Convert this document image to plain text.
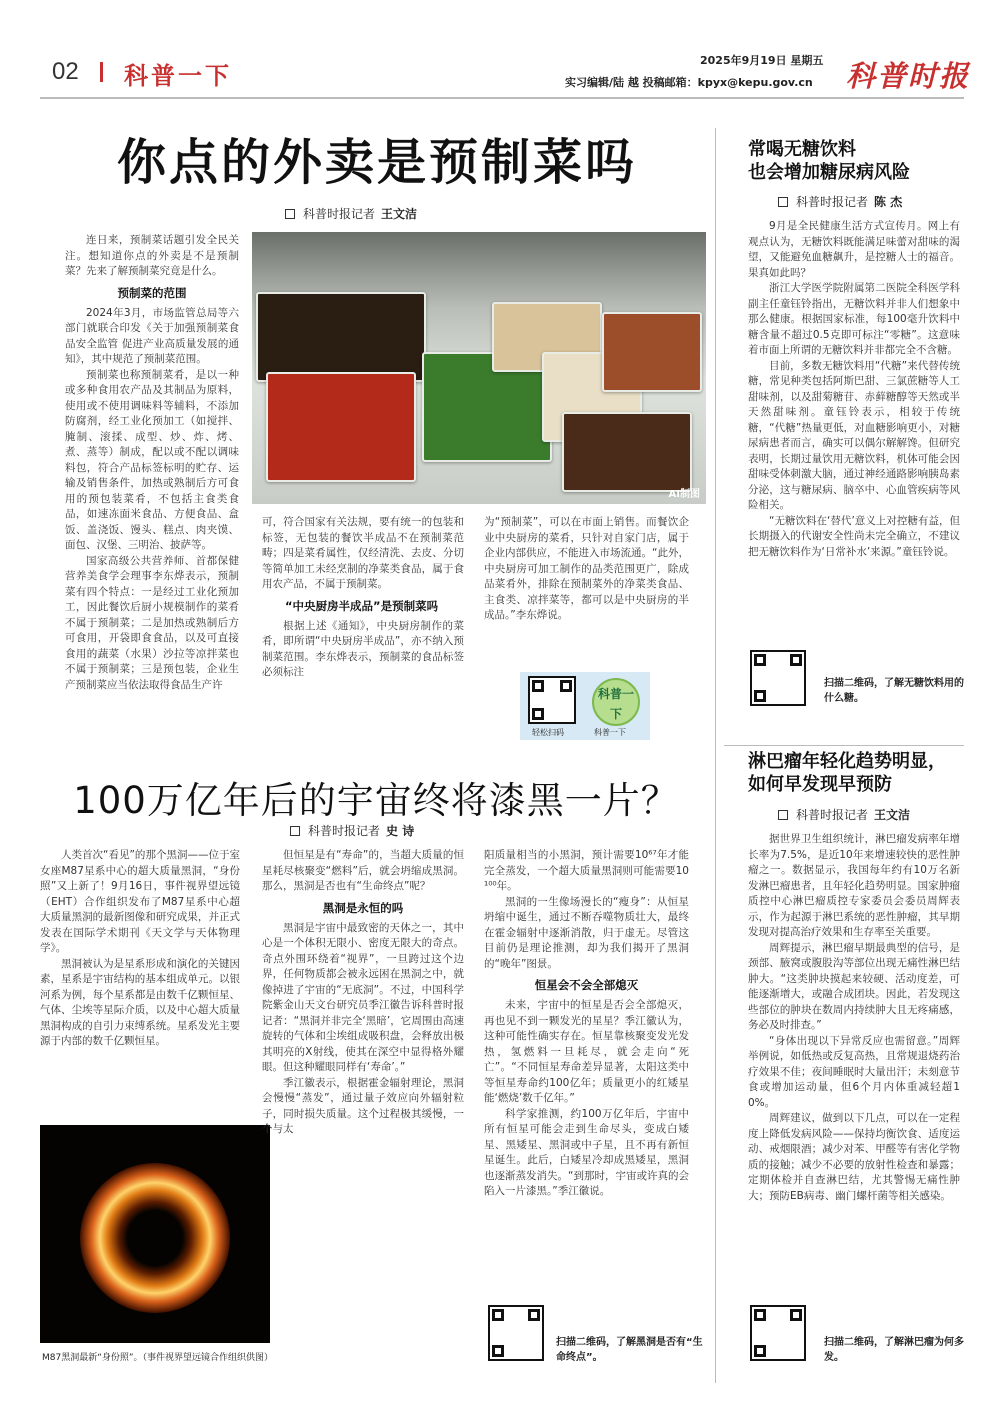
02 科普一下
2025年9月19日 星期五
实习编辑/陆 越 投稿邮箱：kpyx@kepu.gov.cn 科普时报
你点的外卖是预制菜吗
科普时报记者 王文洁
AI制图

连日来，预制菜话题引发全民关注。想知道你点的外卖是不是预制菜？先来了解预制菜究竟是什么。

预制菜的范围

2024年3月，市场监管总局等六部门就联合印发《关于加强预制菜食品安全监管 促进产业高质量发展的通知》，其中规范了预制菜范围。

预制菜也称预制菜肴，是以一种或多种食用农产品及其制品为原料，使用或不使用调味料等辅料，不添加防腐剂，经工业化预加工（如搅拌、腌制、滚揉、成型、炒、炸、烤、煮、蒸等）制成，配以或不配以调味料包，符合产品标签标明的贮存、运输及销售条件，加热或熟制后方可食用的预包装菜肴，不包括主食类食品，如速冻面米食品、方便食品、盒饭、盖浇饭、馒头、糕点、肉夹馍、面包、汉堡、三明治、披萨等。

国家高级公共营养师、首都保健营养美食学会理事李东烨表示，预制菜有四个特点：一是经过工业化预加工，因此餐饮后厨小规模制作的菜肴不属于预制菜；二是加热或熟制后方可食用，开袋即食食品，以及可直接食用的蔬菜（水果）沙拉等凉拌菜也不属于预制菜；三是预包装，企业生产预制菜应当依法取得食品生产许

可，符合国家有关法规，要有统一的包装和标签，无包装的餐饮半成品不在预制菜范畴；四是菜肴属性，仅经清洗、去皮、分切等简单加工未经烹制的净菜类食品，属于食用农产品，不属于预制菜。

“中央厨房半成品”是预制菜吗

根据上述《通知》，中央厨房制作的菜肴，即所谓“中央厨房半成品”，亦不纳入预制菜范围。李东烨表示，预制菜的食品标签必须标注

为“预制菜”，可以在市面上销售。而餐饮企业中央厨房的菜肴，只针对自家门店，属于企业内部供应，不能进入市场流通。“此外，中央厨房可加工制作的品类范围更广，除成品菜肴外，排除在预制菜外的净菜类食品、主食类、凉拌菜等，都可以是中央厨房的半成品。”李东烨说。

科普一下
轻松扫码	科普一下
100万亿年后的宇宙终将漆黑一片？
科普时报记者 史 诗

人类首次“看见”的那个黑洞——位于室女座M87星系中心的超大质量黑洞，“身份照”又上新了！9月16日，事件视界望远镜（EHT）合作组织发布了M87星系中心超大质量黑洞的最新图像和研究成果，并正式发表在国际学术期刊《天文学与天体物理学》。

黑洞被认为是星系形成和演化的关键因素，星系是宇宙结构的基本组成单元。以银河系为例，每个星系都是由数千亿颗恒星、气体、尘埃等星际介质，以及中心超大质量黑洞构成的自引力束缚系统。星系发光主要源于内部的数千亿颗恒星。

M87黑洞最新“身份照”。（事件视界望远镜合作组织供图）

但恒星是有“寿命”的，当超大质量的恒星耗尽核聚变“燃料”后，就会坍缩成黑洞。那么，黑洞是否也有“生命终点”呢？

黑洞是永恒的吗

黑洞是宇宙中最致密的天体之一，其中心是一个体积无限小、密度无限大的奇点。奇点外围环绕着“视界”，一旦跨过这个边界，任何物质都会被永远困在黑洞之中，就像掉进了宇宙的“无底洞”。不过，中国科学院紫金山天文台研究员季江徽告诉科普时报记者：“黑洞并非完全‘黑暗’，它周围由高速旋转的气体和尘埃组成吸积盘，会释放出极其明亮的X射线，使其在深空中显得格外耀眼。但这种耀眼同样有‘寿命’。”

季江徽表示，根据霍金辐射理论，黑洞会慢慢“蒸发”，通过量子效应向外辐射粒子，同时损失质量。这个过程极其缓慢，一个与太

阳质量相当的小黑洞，预计需要10⁶⁷年才能完全蒸发，一个超大质量黑洞则可能需要10¹⁰⁰年。

黑洞的一生像场漫长的“瘦身”：从恒星坍缩中诞生，通过不断吞噬物质壮大，最终在霍金辐射中逐渐消散，归于虚无。尽管这目前仍是理论推测，却为我们揭开了黑洞的“晚年”图景。

恒星会不会全部熄灭

未来，宇宙中的恒星是否会全部熄灭，再也见不到一颗发光的星星？季江徽认为，这种可能性确实存在。恒星靠核聚变发光发热，氢燃料一旦耗尽，就会走向“死亡”。“不同恒星寿命差异显著，太阳这类中等恒星寿命约100亿年；质量更小的红矮星能‘燃烧’数千亿年。”

科学家推测，约100万亿年后，宇宙中所有恒星可能会走到生命尽头，变成白矮星、黑矮星、黑洞或中子星，且不再有新恒星诞生。此后，白矮星冷却成黑矮星，黑洞也逐渐蒸发消失。“到那时，宇宙或许真的会陷入一片漆黑。”季江徽说。

扫描二维码，了解黑洞是否有“生命终点”。
常喝无糖饮料
也会增加糖尿病风险
科普时报记者 陈 杰

9月是全民健康生活方式宣传月。网上有观点认为，无糖饮料既能满足味蕾对甜味的渴望，又能避免血糖飙升，是控糖人士的福音。果真如此吗？

浙江大学医学院附属第二医院全科医学科副主任童钰铃指出，无糖饮料并非人们想象中那么健康。根据国家标准，每100毫升饮料中糖含量不超过0.5克即可标注“零糖”。这意味着市面上所谓的无糖饮料并非都完全不含糖。

目前，多数无糖饮料用“代糖”来代替传统糖，常见种类包括阿斯巴甜、三氯蔗糖等人工甜味剂，以及甜菊糖苷、赤藓糖醇等天然或半天然甜味剂。童钰铃表示，相较于传统糖，“代糖”热量更低，对血糖影响更小，对糖尿病患者而言，确实可以偶尔解解馋。但研究表明，长期过量饮用无糖饮料，机体可能会因甜味受体刺激大脑，通过神经通路影响胰岛素分泌，这与糖尿病、脑卒中、心血管疾病等风险相关。

“无糖饮料在‘替代’意义上对控糖有益，但长期摄入的代谢安全性尚未完全确立，不建议把无糖饮料作为‘日常补水’来源。”童钰铃说。

扫描二维码，了解无糖饮料用的什么糖。
淋巴瘤年轻化趋势明显，
如何早发现早预防
科普时报记者 王文洁

据世界卫生组织统计，淋巴瘤发病率年增长率为7.5%，是近10年来增速较快的恶性肿瘤之一。数据显示，我国每年约有10万名新发淋巴瘤患者，且年轻化趋势明显。国家肿瘤质控中心淋巴瘤质控专家委员会委员周辉表示，作为起源于淋巴系统的恶性肿瘤，其早期发现对提高治疗效果和生存率至关重要。

周辉提示，淋巴瘤早期最典型的信号，是颈部、腋窝或腹股沟等部位出现无痛性淋巴结肿大。“这类肿块摸起来较硬、活动度差，可能逐渐增大，或融合成团块。因此，若发现这些部位的肿块在数周内持续肿大且无疼痛感，务必及时排查。”

“身体出现以下异常反应也需留意。”周辉举例说，如低热或反复高热，且常规退烧药治疗效果不佳；夜间睡眠时大量出汗；未刻意节食或增加运动量，但6个月内体重减轻超10%。

周辉建议，做到以下几点，可以在一定程度上降低发病风险——保持均衡饮食、适度运动、戒烟限酒；减少对苯、甲醛等有害化学物质的接触；减少不必要的放射性检查和暴露；定期体检并自查淋巴结，尤其警惕无痛性肿大；预防EB病毒、幽门螺杆菌等相关感染。

扫描二维码，了解淋巴瘤为何多发。
